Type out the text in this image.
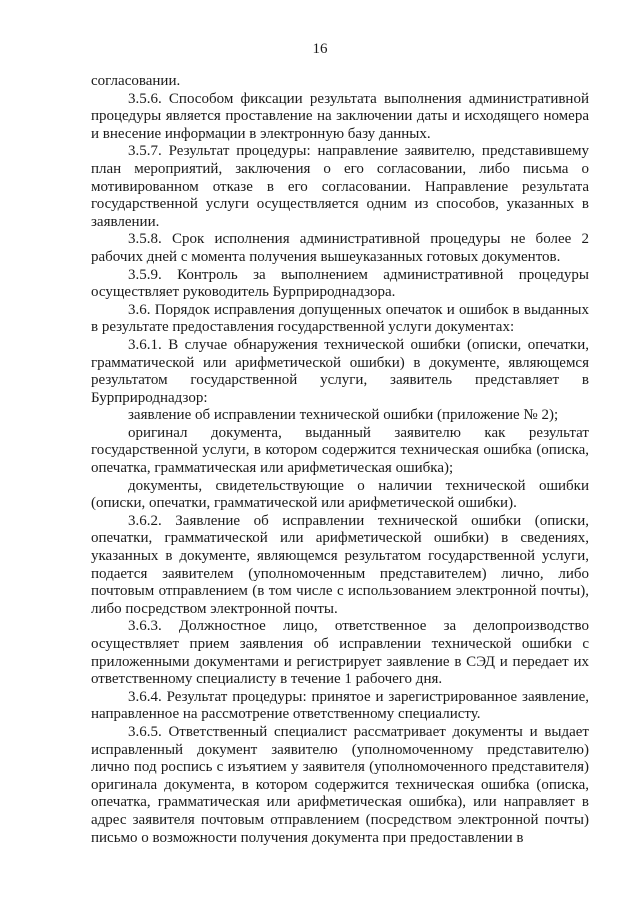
16

согласовании.

3.5.6. Способом фиксации результата выполнения административной процедуры является проставление на заключении даты и исходящего номера и внесение информации в электронную базу данных.

3.5.7. Результат процедуры: направление заявителю, представившему план мероприятий, заключения о его согласовании, либо письма о мотивированном отказе в его согласовании. Направление результата государственной услуги осуществляется одним из способов, указанных в заявлении.

3.5.8. Срок исполнения административной процедуры не более 2 рабочих дней с момента получения вышеуказанных готовых документов.

3.5.9. Контроль за выполнением административной процедуры осуществляет руководитель Бурприроднадзора.

3.6. Порядок исправления допущенных опечаток и ошибок в выданных в результате предоставления государственной услуги документах:

3.6.1. В случае обнаружения технической ошибки (описки, опечатки, грамматической или арифметической ошибки) в документе, являющемся результатом государственной услуги, заявитель представляет в Бурприроднадзор:

заявление об исправлении технической ошибки (приложение № 2);

оригинал документа, выданный заявителю как результат государственной услуги, в котором содержится техническая ошибка (описка, опечатка, грамматическая или арифметическая ошибка);

документы, свидетельствующие о наличии технической ошибки (описки, опечатки, грамматической или арифметической ошибки).

3.6.2. Заявление об исправлении технической ошибки (описки, опечатки, грамматической или арифметической ошибки) в сведениях, указанных в документе, являющемся результатом государственной услуги, подается заявителем (уполномоченным представителем) лично, либо почтовым отправлением (в том числе с использованием электронной почты), либо посредством электронной почты.

3.6.3. Должностное лицо, ответственное за делопроизводство осуществляет прием заявления об исправлении технической ошибки с приложенными документами и регистрирует заявление в СЭД и передает их ответственному специалисту в течение 1 рабочего дня.

3.6.4. Результат процедуры: принятое и зарегистрированное заявление, направленное на рассмотрение ответственному специалисту.

3.6.5. Ответственный специалист рассматривает документы и выдает исправленный документ заявителю (уполномоченному представителю) лично под роспись с изъятием у заявителя (уполномоченного представителя) оригинала документа, в котором содержится техническая ошибка (описка, опечатка, грамматическая или арифметическая ошибка), или направляет в адрес заявителя почтовым отправлением (посредством электронной почты) письмо о возможности получения документа при предоставлении в
